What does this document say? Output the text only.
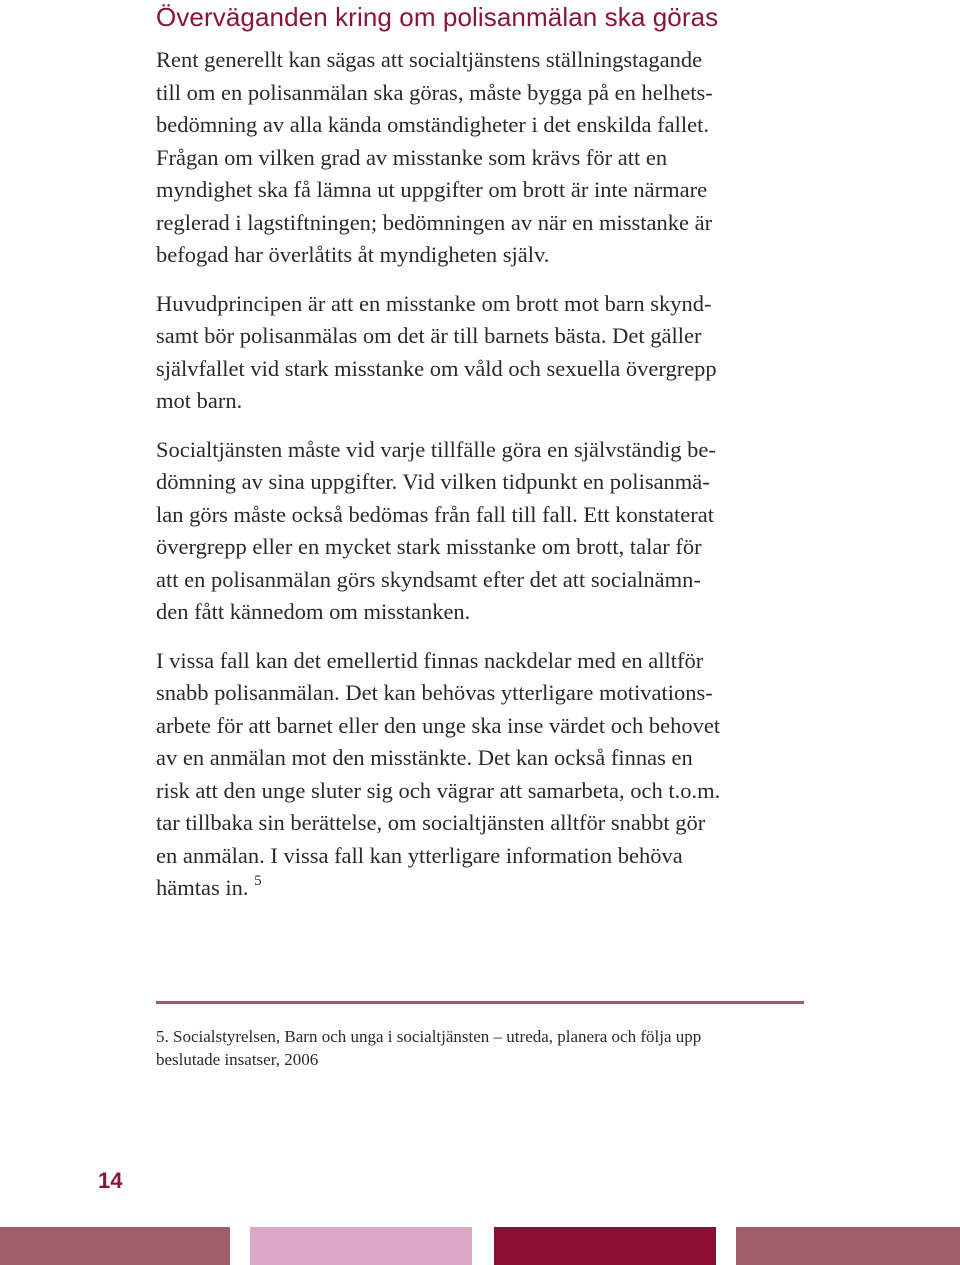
Överväganden kring om polisanmälan ska göras

Rent generellt kan sägas att socialtjänstens ställningstagande
till om en polisanmälan ska göras, måste bygga på en helhets-
bedömning av alla kända omständigheter i det enskilda fallet.
Frågan om vilken grad av misstanke som krävs för att en
myndighet ska få lämna ut uppgifter om brott är inte närmare
reglerad i lagstiftningen; bedömningen av när en misstanke är
befogad har överlåtits åt myndigheten själv.

Huvudprincipen är att en misstanke om brott mot barn skynd-
samt bör polisanmälas om det är till barnets bästa. Det gäller
självfallet vid stark misstanke om våld och sexuella övergrepp
mot barn.

Socialtjänsten måste vid varje tillfälle göra en självständig be-
dömning av sina uppgifter. Vid vilken tidpunkt en polisanmä-
lan görs måste också bedömas från fall till fall. Ett konstaterat
övergrepp eller en mycket stark misstanke om brott, talar för
att en polisanmälan görs skyndsamt efter det att socialnämn-
den fått kännedom om misstanken.

I vissa fall kan det emellertid finnas nackdelar med en alltför
snabb polisanmälan. Det kan behövas ytterligare motivations-
arbete för att barnet eller den unge ska inse värdet och behovet
av en anmälan mot den misstänkte. Det kan också finnas en
risk att den unge sluter sig och vägrar att samarbeta, och t.o.m.
tar tillbaka sin berättelse, om socialtjänsten alltför snabbt gör
en anmälan. I vissa fall kan ytterligare information behöva
hämtas in. $^5$

5. Socialstyrelsen, Barn och unga i socialtjänsten – utreda, planera och följa upp
beslutade insatser, 2006
14
